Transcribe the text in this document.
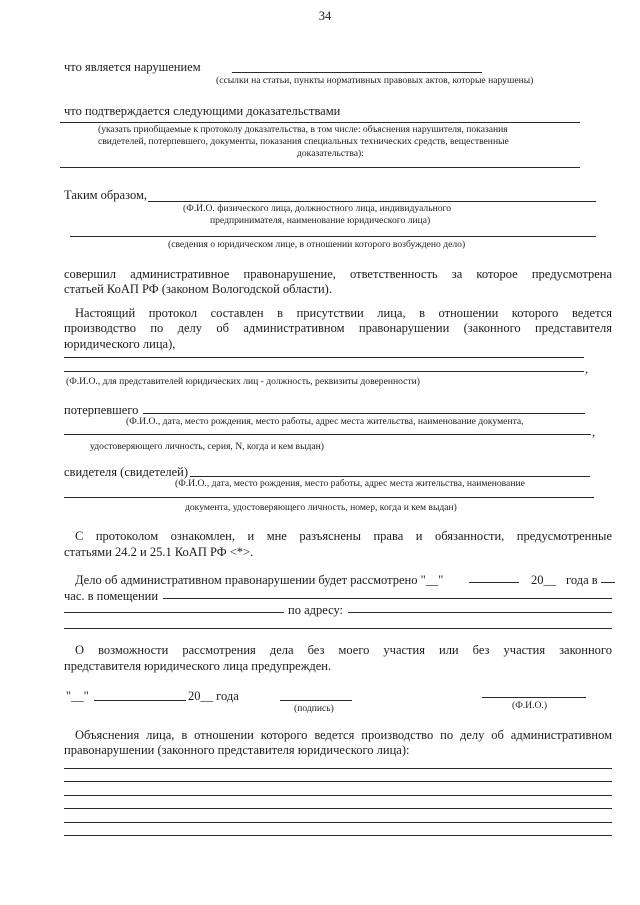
34
что является нарушением
(ссылки на статьи, пункты нормативных правовых актов, которые нарушены)
что подтверждается следующими доказательствами
(указать приобщаемые к протоколу доказательства, в том числе: объяснения нарушителя, показания
свидетелей, потерпевшего, документы, показания специальных технических средств, вещественные
доказательства):
Таким образом,
(Ф.И.О. физического лица, должностного лица, индивидуального
предпринимателя, наименование юридического лица)
(сведения о юридическом лице, в отношении которого возбуждено дело)
совершил административное правонарушение, ответственность за которое предусмотрена
статьей КоАП РФ (законом Вологодской области).
Настоящий протокол составлен в присутствии лица, в отношении которого ведется
производство по делу об административном правонарушении (законного представителя
юридического лица),
,
(Ф.И.О., для представителей юридических лиц - должность, реквизиты доверенности)
потерпевшего
(Ф.И.О., дата, место рождения, место работы, адрес места жительства, наименование документа,
,
удостоверяющего личность, серия, N, когда и кем выдан)
свидетеля (свидетелей)
(Ф.И.О., дата, место рождения, место работы, адрес места жительства, наименование
документа, удостоверяющего личность, номер, когда и кем выдан)
С протоколом ознакомлен, и мне разъяснены права и обязанности, предусмотренные
статьями 24.2 и 25.1 КоАП РФ <*>.
Дело об административном правонарушении будет рассмотрено "__"	20__ года в
час. в помещении
по адресу:
О возможности рассмотрения дела без моего участия или без участия законного
представителя юридического лица предупрежден.
"__"	20__ года
(подпись)	(Ф.И.О.)
Объяснения лица, в отношении которого ведется производство по делу об административном
правонарушении (законного представителя юридического лица):
